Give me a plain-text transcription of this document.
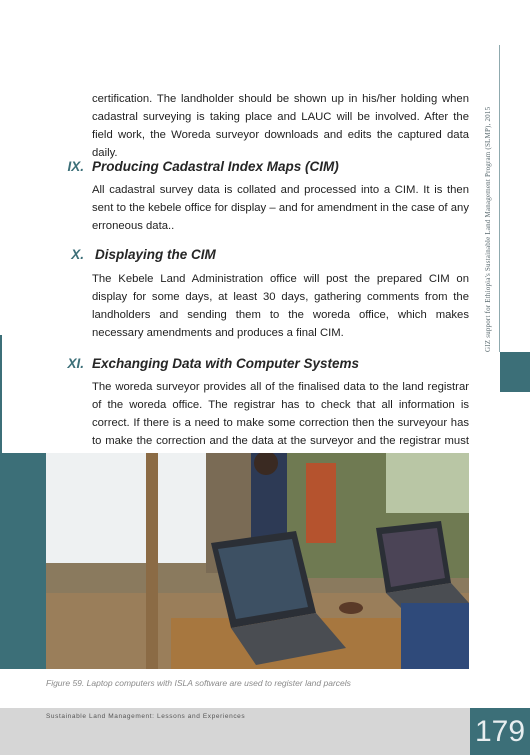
GIZ support for Ethiopia's Sustainable Land Management Program (SLMP), 2015
certification. The landholder should be shown up in his/her holding when cadastral surveying is taking place and LAUC will be involved. After the field work, the Woreda surveyor downloads and edits the captured data daily.
IX. Producing Cadastral Index Maps (CIM)
All cadastral survey data is collated and processed into a CIM. It is then sent to the kebele office for display – and for amendment in the case of any erroneous data..
X. Displaying the CIM
The Kebele Land Administration office will post the prepared CIM on display for some days, at least 30 days, gathering comments from the landholders and sending them to the woreda office, which makes necessary amendments and produces a final CIM.
XI. Exchanging Data with Computer Systems
The woreda surveyor provides all of the finalised data to the land registrar of the woreda office. The registrar has to check that all information is correct. If there is a need to make some correction then the surveyour has to make the correction and the data at the surveyor and the registrar must
Figure 59. Laptop computers with ISLA software are used to register land parcels
Sustainable Land Management: Lessons and Experiences	179
